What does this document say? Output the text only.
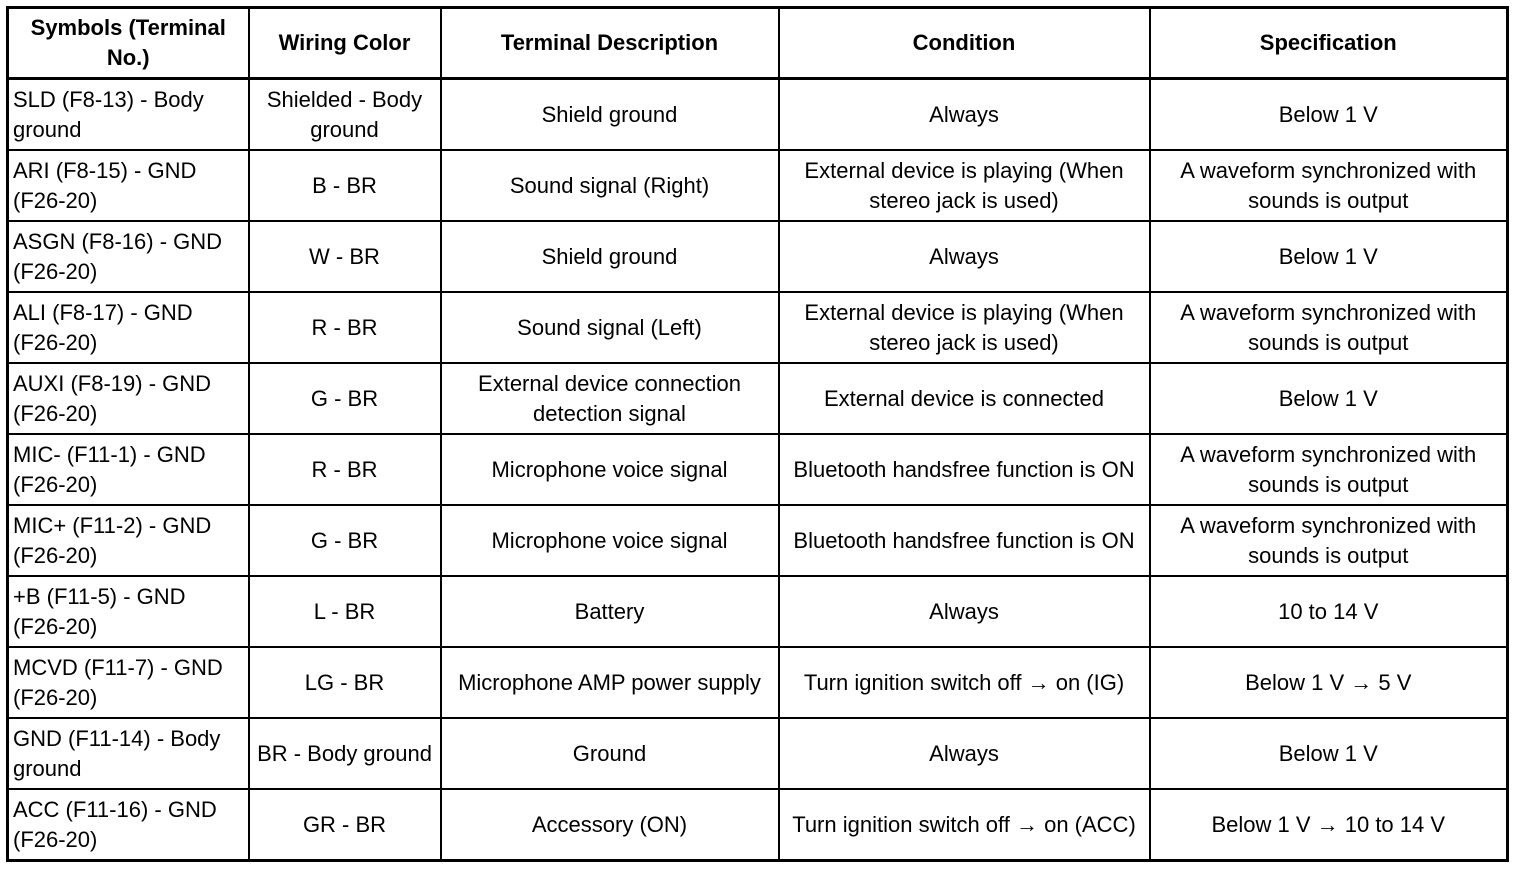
Symbols (Terminal No.)	Wiring Color	Terminal Description	Condition	Specification
SLD (F8-13) - Body ground	Shielded - Body ground	Shield ground	Always	Below 1 V
ARI (F8-15) - GND (F26-20)	B - BR	Sound signal (Right)	External device is playing (When stereo jack is used)	A waveform synchronized with sounds is output
ASGN (F8-16) - GND (F26-20)	W - BR	Shield ground	Always	Below 1 V
ALI (F8-17) - GND (F26-20)	R - BR	Sound signal (Left)	External device is playing (When stereo jack is used)	A waveform synchronized with sounds is output
AUXI (F8-19) - GND (F26-20)	G - BR	External device connection detection signal	External device is connected	Below 1 V
MIC- (F11-1) - GND (F26-20)	R - BR	Microphone voice signal	Bluetooth handsfree function is ON	A waveform synchronized with sounds is output
MIC+ (F11-2) - GND (F26-20)	G - BR	Microphone voice signal	Bluetooth handsfree function is ON	A waveform synchronized with sounds is output
+B (F11-5) - GND (F26-20)	L - BR	Battery	Always	10 to 14 V
MCVD (F11-7) - GND (F26-20)	LG - BR	Microphone AMP power supply	Turn ignition switch off → on (IG)	Below 1 V → 5 V
GND (F11-14) - Body ground	BR - Body ground	Ground	Always	Below 1 V
ACC (F11-16) - GND (F26-20)	GR - BR	Accessory (ON)	Turn ignition switch off → on (ACC)	Below 1 V → 10 to 14 V
